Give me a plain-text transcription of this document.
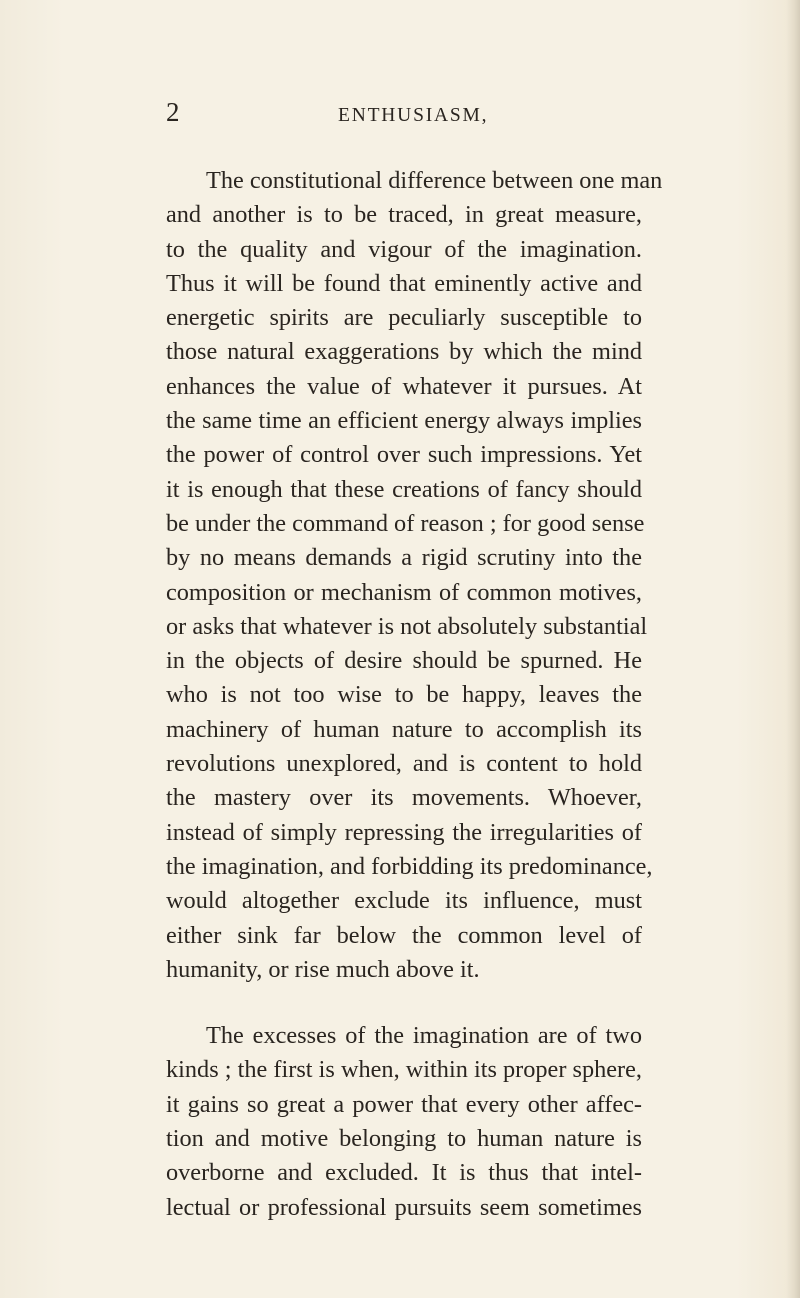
2	ENTHUSIASM,
The constitutional difference between one man
and another is to be traced, in great measure,
to the quality and vigour of the imagination.
Thus it will be found that eminently active and
energetic spirits are peculiarly susceptible to
those natural exaggerations by which the mind
enhances the value of whatever it pursues. At
the same time an efficient energy always implies
the power of control over such impressions. Yet
it is enough that these creations of fancy should
be under the command of reason ; for good sense
by no means demands a rigid scrutiny into the
composition or mechanism of common motives,
or asks that whatever is not absolutely substantial
in the objects of desire should be spurned. He
who is not too wise to be happy, leaves the
machinery of human nature to accomplish its
revolutions unexplored, and is content to hold
the mastery over its movements. Whoever,
instead of simply repressing the irregularities of
the imagination, and forbidding its predominance,
would altogether exclude its influence, must
either sink far below the common level of
humanity, or rise much above it.
The excesses of the imagination are of two
kinds ; the first is when, within its proper sphere,
it gains so great a power that every other affec-
tion and motive belonging to human nature is
overborne and excluded. It is thus that intel-
lectual or professional pursuits seem sometimes
